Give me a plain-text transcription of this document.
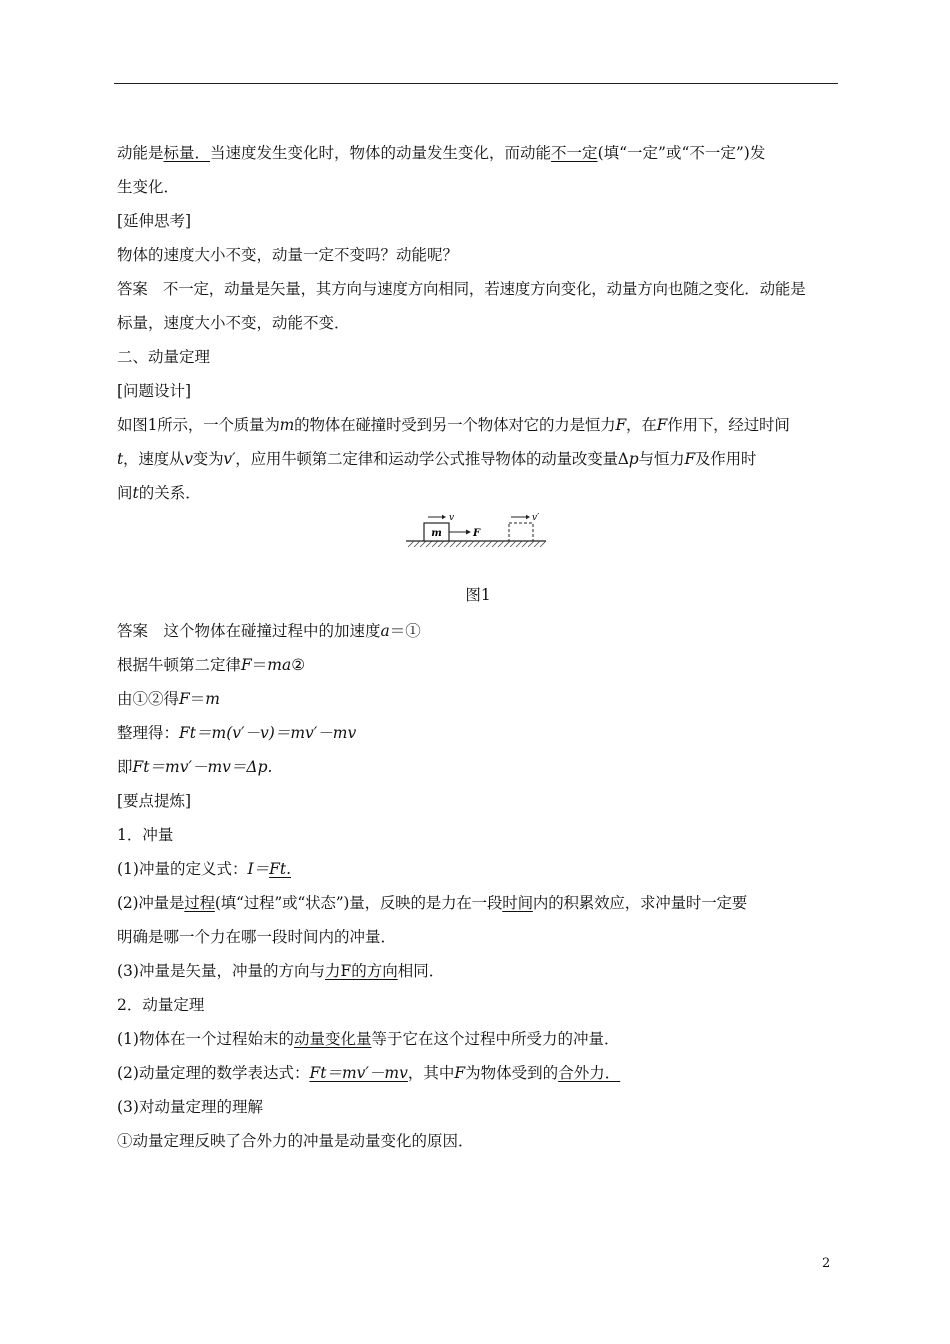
动能是标量．当速度发生变化时，物体的动量发生变化，而动能不一定(填“一定”或“不一定”)发
生变化．
[延伸思考]
物体的速度大小不变，动量一定不变吗？动能呢？
答案　不一定，动量是矢量，其方向与速度方向相同，若速度方向变化，动量方向也随之变化．动能是
标量，速度大小不变，动能不变．
二、动量定理
[问题设计]
如图1所示，一个质量为m的物体在碰撞时受到另一个物体对它的力是恒力F，在F作用下，经过时间
t，速度从v变为v′，应用牛顿第二定律和运动学公式推导物体的动量改变量Δp与恒力F及作用时
间t的关系．
m	F
v	v′
图1
答案　这个物体在碰撞过程中的加速度a＝①
根据牛顿第二定律F＝ma②
由①②得F＝m
整理得：Ft＝m(v′－v)＝mv′－mv
即Ft＝mv′－mv＝Δp.
[要点提炼]
1．冲量
(1)冲量的定义式：I＝Ft.
(2)冲量是过程(填“过程”或“状态”)量，反映的是力在一段时间内的积累效应，求冲量时一定要
明确是哪一个力在哪一段时间内的冲量．
(3)冲量是矢量，冲量的方向与力F的方向相同．
2．动量定理
(1)物体在一个过程始末的动量变化量等于它在这个过程中所受力的冲量．
(2)动量定理的数学表达式：Ft＝mv′－mv，其中F为物体受到的合外力．
(3)对动量定理的理解
①动量定理反映了合外力的冲量是动量变化的原因．
2
